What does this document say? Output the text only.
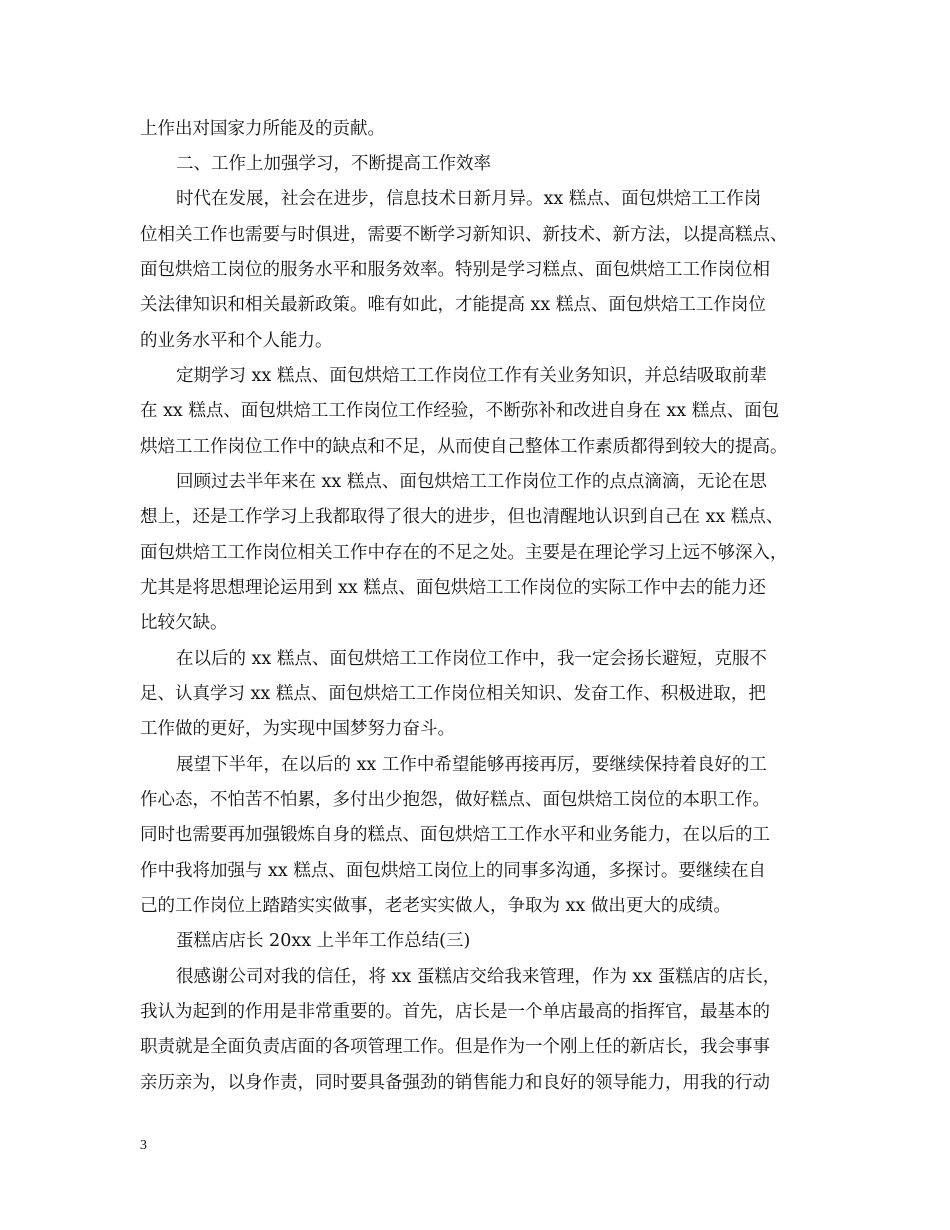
上作出对国家力所能及的贡献。
二、工作上加强学习，不断提高工作效率
时代在发展，社会在进步，信息技术日新月异。xx 糕点、面包烘焙工工作岗
位相关工作也需要与时俱进，需要不断学习新知识、新技术、新方法，以提高糕点、
面包烘焙工岗位的服务水平和服务效率。特别是学习糕点、面包烘焙工工作岗位相
关法律知识和相关最新政策。唯有如此，才能提高 xx 糕点、面包烘焙工工作岗位
的业务水平和个人能力。
定期学习 xx 糕点、面包烘焙工工作岗位工作有关业务知识，并总结吸取前辈
在 xx 糕点、面包烘焙工工作岗位工作经验，不断弥补和改进自身在 xx 糕点、面包
烘焙工工作岗位工作中的缺点和不足，从而使自己整体工作素质都得到较大的提高。
回顾过去半年来在 xx 糕点、面包烘焙工工作岗位工作的点点滴滴，无论在思
想上，还是工作学习上我都取得了很大的进步，但也清醒地认识到自己在 xx 糕点、
面包烘焙工工作岗位相关工作中存在的不足之处。主要是在理论学习上远不够深入，
尤其是将思想理论运用到 xx 糕点、面包烘焙工工作岗位的实际工作中去的能力还
比较欠缺。
在以后的 xx 糕点、面包烘焙工工作岗位工作中，我一定会扬长避短，克服不
足、认真学习 xx 糕点、面包烘焙工工作岗位相关知识、发奋工作、积极进取，把
工作做的更好，为实现中国梦努力奋斗。
展望下半年，在以后的 xx 工作中希望能够再接再厉，要继续保持着良好的工
作心态，不怕苦不怕累，多付出少抱怨，做好糕点、面包烘焙工岗位的本职工作。
同时也需要再加强锻炼自身的糕点、面包烘焙工工作水平和业务能力，在以后的工
作中我将加强与 xx 糕点、面包烘焙工岗位上的同事多沟通，多探讨。要继续在自
己的工作岗位上踏踏实实做事，老老实实做人，争取为 xx 做出更大的成绩。
蛋糕店店长 20xx 上半年工作总结(三)
很感谢公司对我的信任，将 xx 蛋糕店交给我来管理，作为 xx 蛋糕店的店长，
我认为起到的作用是非常重要的。首先，店长是一个单店最高的指挥官，最基本的
职责就是全面负责店面的各项管理工作。但是作为一个刚上任的新店长，我会事事
亲历亲为，以身作责，同时要具备强劲的销售能力和良好的领导能力，用我的行动
3
